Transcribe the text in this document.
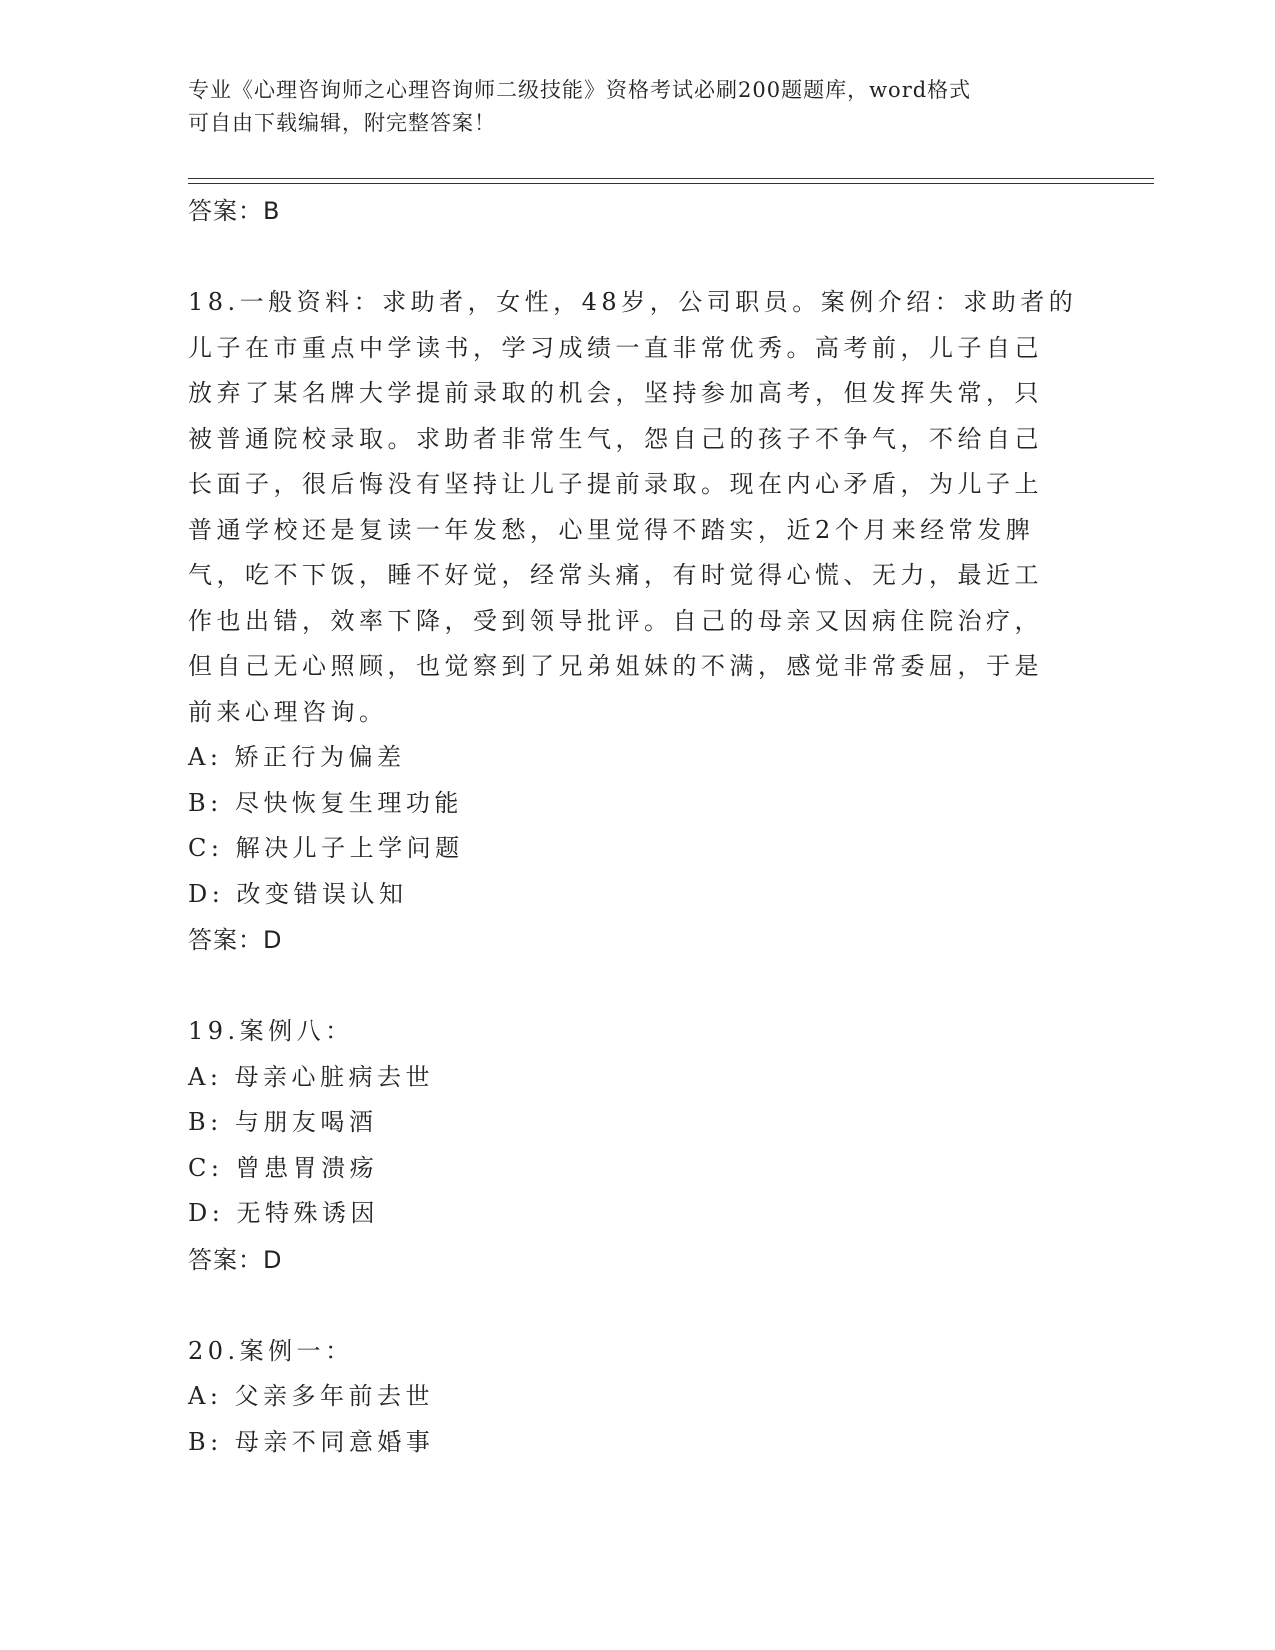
专业《心理咨询师之心理咨询师二级技能》资格考试必刷200题题库，word格式
可自由下载编辑，附完整答案！
答案：B
18.一般资料：求助者，女性，48岁，公司职员。案例介绍：求助者的
儿子在市重点中学读书，学习成绩一直非常优秀。高考前，儿子自己
放弃了某名牌大学提前录取的机会，坚持参加高考，但发挥失常，只
被普通院校录取。求助者非常生气，怨自己的孩子不争气，不给自己
长面子，很后悔没有坚持让儿子提前录取。现在内心矛盾，为儿子上
普通学校还是复读一年发愁，心里觉得不踏实，近2个月来经常发脾
气，吃不下饭，睡不好觉，经常头痛，有时觉得心慌、无力，最近工
作也出错，效率下降，受到领导批评。自己的母亲又因病住院治疗，
但自己无心照顾，也觉察到了兄弟姐妹的不满，感觉非常委屈，于是
前来心理咨询。
A: 矫正行为偏差
B: 尽快恢复生理功能
C: 解决儿子上学问题
D: 改变错误认知
答案：D
19.案例八：
A: 母亲心脏病去世
B: 与朋友喝酒
C: 曾患胃溃疡
D: 无特殊诱因
答案：D
20.案例一：
A: 父亲多年前去世
B: 母亲不同意婚事
